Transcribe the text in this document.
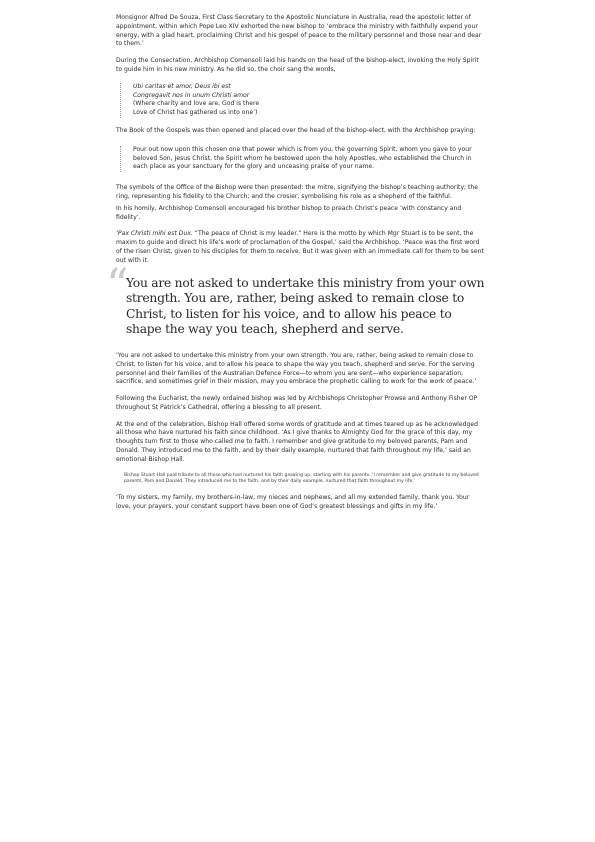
Monsignor Alfred De Souza, First Class Secretary to the Apostolic Nunciature in Australia, read the apostolic letter of appointment, within which Pope Leo XIV exhorted the new bishop to ‘embrace the ministry with faithfully expend your energy, with a glad heart, proclaiming Christ and his gospel of peace to the military personnel and those near and dear to them.’

During the Consecration, Archbishop Comensoli laid his hands on the head of the bishop-elect, invoking the Holy Spirit to guide him in his new ministry. As he did so, the choir sang the words,

Ubi caritas et amor, Deus ibi est

Congregavit nos in unum Christi amor

(Where charity and love are, God is there

Love of Christ has gathered us into one’)

The Book of the Gospels was then opened and placed over the head of the bishop-elect, with the Archbishop praying:

Pour out now upon this chosen one that power which is from you, the governing Spirit, whom you gave to your beloved Son, Jesus Christ, the Spirit whom he bestowed upon the holy Apostles, who established the Church in each place as your sanctuary for the glory and unceasing praise of your name.

The symbols of the Office of the Bishop were then presented: the mitre, signifying the bishop’s teaching authority; the ring, representing his fidelity to the Church; and the crosier, symbolising his role as a shepherd of the faithful.

In his homily, Archbishop Comensoli encouraged his brother bishop to preach Christ’s peace ‘with constancy and fidelity’.

‘Pax Christi mihi est Dux. “The peace of Christ is my leader.” Here is the motto by which Mgr Stuart is to be sent, the maxim to guide and direct his life’s work of proclamation of the Gospel,’ said the Archbishop. ‘Peace was the first word of the risen Christ, given to his disciples for them to receive. But it was given with an immediate call for them to be sent out with it.

“
You are not asked to undertake this ministry from your own strength. You are, rather, being asked to remain close to Christ, to listen for his voice, and to allow his peace to shape the way you teach, shepherd and serve.

‘You are not asked to undertake this ministry from your own strength. You are, rather, being asked to remain close to Christ, to listen for his voice, and to allow his peace to shape the way you teach, shepherd and serve. For the serving personnel and their families of the Australian Defence Force—to whom you are sent—who experience separation, sacrifice, and sometimes grief in their mission, may you embrace the prophetic calling to work for the work of peace.’

Following the Eucharist, the newly ordained bishop was led by Archbishops Christopher Prowse and Anthony Fisher OP throughout St Patrick’s Cathedral, offering a blessing to all present.

At the end of the celebration, Bishop Hall offered some words of gratitude and at times teared up as he acknowledged all those who have nurtured his faith since childhood. ‘As I give thanks to Almighty God for the grace of this day, my thoughts turn first to those who called me to faith. I remember and give gratitude to my beloved parents, Pam and Donald. They introduced me to the faith, and by their daily example, nurtured that faith throughout my life,’ said an emotional Bishop Hall.

Bishop Stuart Hall paid tribute to all those who had nurtured his faith growing up, starting with his parents. ‘I remember and give gratitude to my beloved parents, Pam and Donald. They introduced me to the faith, and by their daily example, nurtured that faith throughout my life.’

‘To my sisters, my family, my brothers-in-law, my nieces and nephews, and all my extended family, thank you. Your love, your prayers, your constant support have been one of God’s greatest blessings and gifts in my life.’
